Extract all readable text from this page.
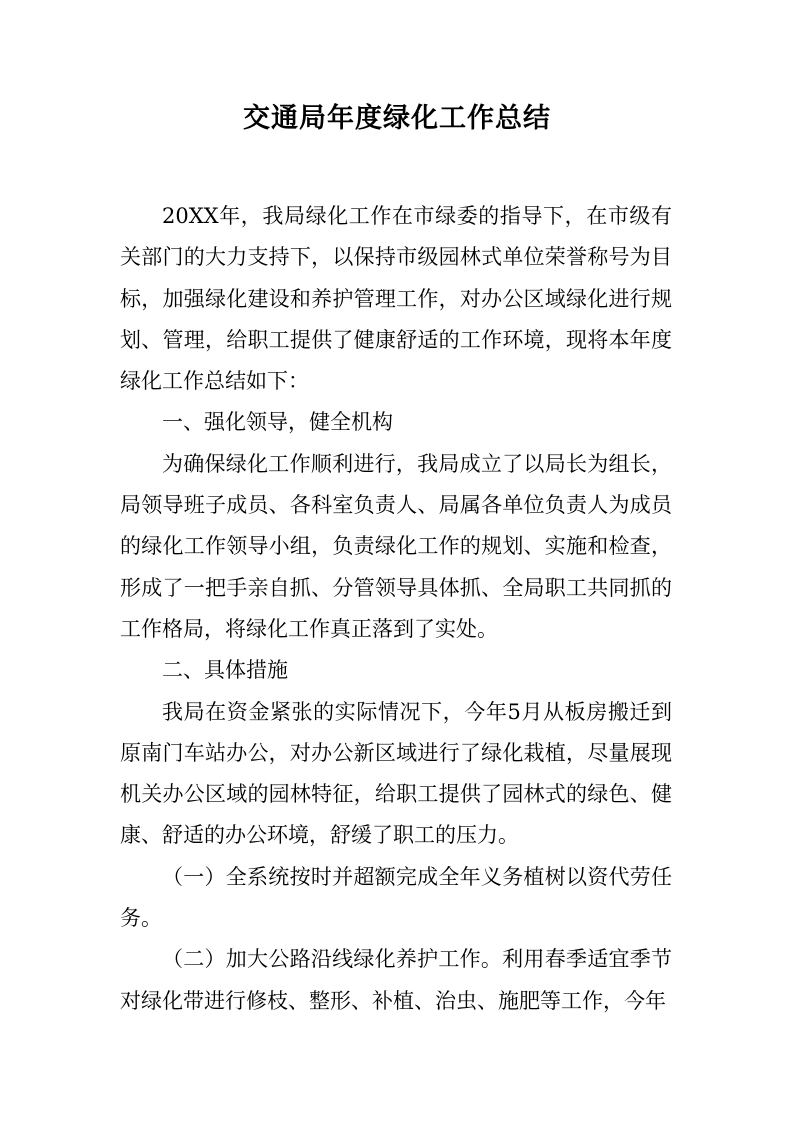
交通局年度绿化工作总结

20XX年，我局绿化工作在市绿委的指导下，在市级有关部门的大力支持下，以保持市级园林式单位荣誉称号为目标，加强绿化建设和养护管理工作，对办公区域绿化进行规划、管理，给职工提供了健康舒适的工作环境，现将本年度绿化工作总结如下：

一、强化领导，健全机构

为确保绿化工作顺利进行，我局成立了以局长为组长，局领导班子成员、各科室负责人、局属各单位负责人为成员的绿化工作领导小组，负责绿化工作的规划、实施和检查，形成了一把手亲自抓、分管领导具体抓、全局职工共同抓的工作格局，将绿化工作真正落到了实处。

二、具体措施

我局在资金紧张的实际情况下，今年5月从板房搬迁到原南门车站办公，对办公新区域进行了绿化栽植，尽量展现机关办公区域的园林特征，给职工提供了园林式的绿色、健康、舒适的办公环境，舒缓了职工的压力。

（一）全系统按时并超额完成全年义务植树以资代劳任务。

（二）加大公路沿线绿化养护工作。利用春季适宜季节对绿化带进行修枝、整形、补植、治虫、施肥等工作，今年
